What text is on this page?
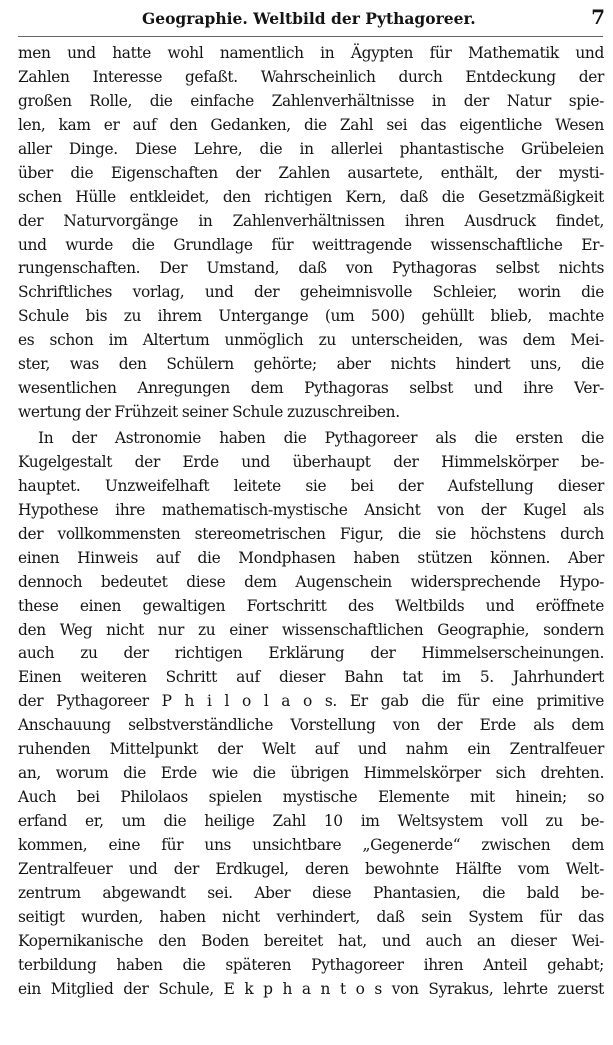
Geographie. Weltbild der Pythagoreer.	7
men und hatte wohl namentlich in Ägypten für Mathematik und
Zahlen Interesse gefaßt. Wahrscheinlich durch Entdeckung der
großen Rolle, die einfache Zahlenverhältnisse in der Natur spie-
len, kam er auf den Gedanken, die Zahl sei das eigentliche Wesen
aller Dinge. Diese Lehre, die in allerlei phantastische Grübeleien
über die Eigenschaften der Zahlen ausartete, enthält, der mysti-
schen Hülle entkleidet, den richtigen Kern, daß die Gesetzmäßigkeit
der Naturvorgänge in Zahlenverhältnissen ihren Ausdruck findet,
und wurde die Grundlage für weittragende wissenschaftliche Er-
rungenschaften. Der Umstand, daß von Pythagoras selbst nichts
Schriftliches vorlag, und der geheimnisvolle Schleier, worin die
Schule bis zu ihrem Untergange (um 500) gehüllt blieb, machte
es schon im Altertum unmöglich zu unterscheiden, was dem Mei-
ster, was den Schülern gehörte; aber nichts hindert uns, die
wesentlichen Anregungen dem Pythagoras selbst und ihre Ver-
wertung der Frühzeit seiner Schule zuzuschreiben.
In der Astronomie haben die Pythagoreer als die ersten die
Kugelgestalt der Erde und überhaupt der Himmelskörper be-
hauptet. Unzweifelhaft leitete sie bei der Aufstellung dieser
Hypothese ihre mathematisch-mystische Ansicht von der Kugel als
der vollkommensten stereometrischen Figur, die sie höchstens durch
einen Hinweis auf die Mondphasen haben stützen können. Aber
dennoch bedeutet diese dem Augenschein widersprechende Hypo-
these einen gewaltigen Fortschritt des Weltbilds und eröffnete
den Weg nicht nur zu einer wissenschaftlichen Geographie, sondern
auch zu der richtigen Erklärung der Himmelserscheinungen.
Einen weiteren Schritt auf dieser Bahn tat im 5. Jahrhundert
der Pythagoreer P h i l o l a o s. Er gab die für eine primitive
Anschauung selbstverständliche Vorstellung von der Erde als dem
ruhenden Mittelpunkt der Welt auf und nahm ein Zentralfeuer
an, worum die Erde wie die übrigen Himmelskörper sich drehten.
Auch bei Philolaos spielen mystische Elemente mit hinein; so
erfand er, um die heilige Zahl 10 im Weltsystem voll zu be-
kommen, eine für uns unsichtbare „Gegenerde“ zwischen dem
Zentralfeuer und der Erdkugel, deren bewohnte Hälfte vom Welt-
zentrum abgewandt sei. Aber diese Phantasien, die bald be-
seitigt wurden, haben nicht verhindert, daß sein System für das
Kopernikanische den Boden bereitet hat, und auch an dieser Wei-
terbildung haben die späteren Pythagoreer ihren Anteil gehabt;
ein Mitglied der Schule, E k p h a n t o s von Syrakus, lehrte zuerst
